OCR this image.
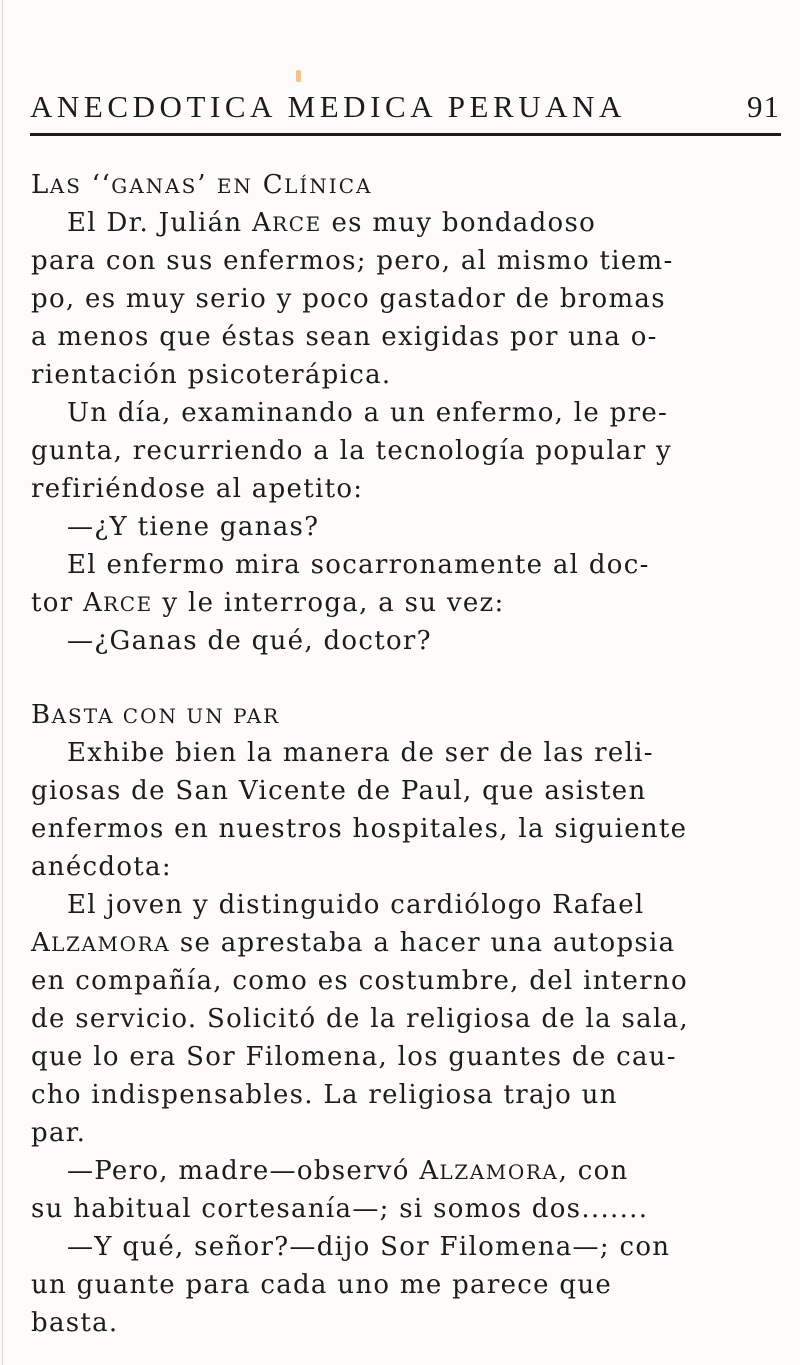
ANECDOTICA MEDICA PERUANA	91
LAS ‘‘GANAS’ EN CLÍNICA
El Dr. Julián ARCE es muy bondadoso
para con sus enfermos; pero, al mismo tiem-
po, es muy serio y poco gastador de bromas
a menos que éstas sean exigidas por una o-
rientación psicoterápica.
Un día, examinando a un enfermo, le pre-
gunta, recurriendo a la tecnología popular y
refiriéndose al apetito:
—¿Y tiene ganas?
El enfermo mira socarronamente al doc-
tor ARCE y le interroga, a su vez:
—¿Ganas de qué, doctor?
BASTA CON UN PAR
Exhibe bien la manera de ser de las reli-
giosas de San Vicente de Paul, que asisten
enfermos en nuestros hospitales, la siguiente
anécdota:
El joven y distinguido cardiólogo Rafael
ALZAMORA se aprestaba a hacer una autopsia
en compañía, como es costumbre, del interno
de servicio. Solicitó de la religiosa de la sala,
que lo era Sor Filomena, los guantes de cau-
cho indispensables. La religiosa trajo un
par.
—Pero, madre—observó ALZAMORA, con
su habitual cortesanía—; si somos dos.......
—Y qué, señor?—dijo Sor Filomena—; con
un guante para cada uno me parece que
basta.
